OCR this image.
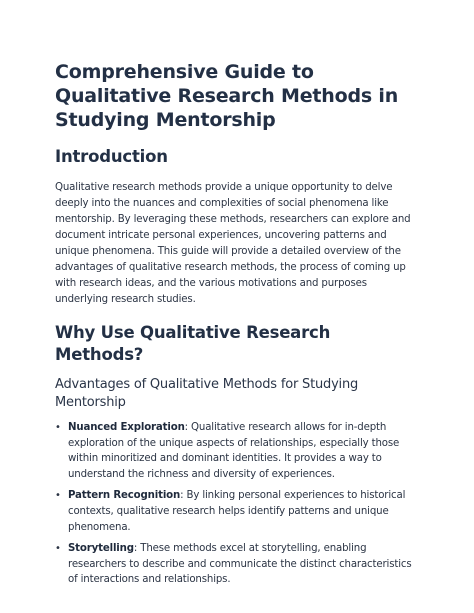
Comprehensive Guide to Qualitative Research Methods in Studying Mentorship
Introduction

Qualitative research methods provide a unique opportunity to delve deeply into the nuances and complexities of social phenomena like mentorship. By leveraging these methods, researchers can explore and document intricate personal experiences, uncovering patterns and unique phenomena. This guide will provide a detailed overview of the advantages of qualitative research methods, the process of coming up with research ideas, and the various motivations and purposes underlying research studies.

Why Use Qualitative Research Methods?
Advantages of Qualitative Methods for Studying Mentorship
• Nuanced Exploration: Qualitative research allows for in-depth exploration of the unique aspects of relationships, especially those within minoritized and dominant identities. It provides a way to understand the richness and diversity of experiences.
• Pattern Recognition: By linking personal experiences to historical contexts, qualitative research helps identify patterns and unique phenomena.
• Storytelling: These methods excel at storytelling, enabling researchers to describe and communicate the distinct characteristics of interactions and relationships.
